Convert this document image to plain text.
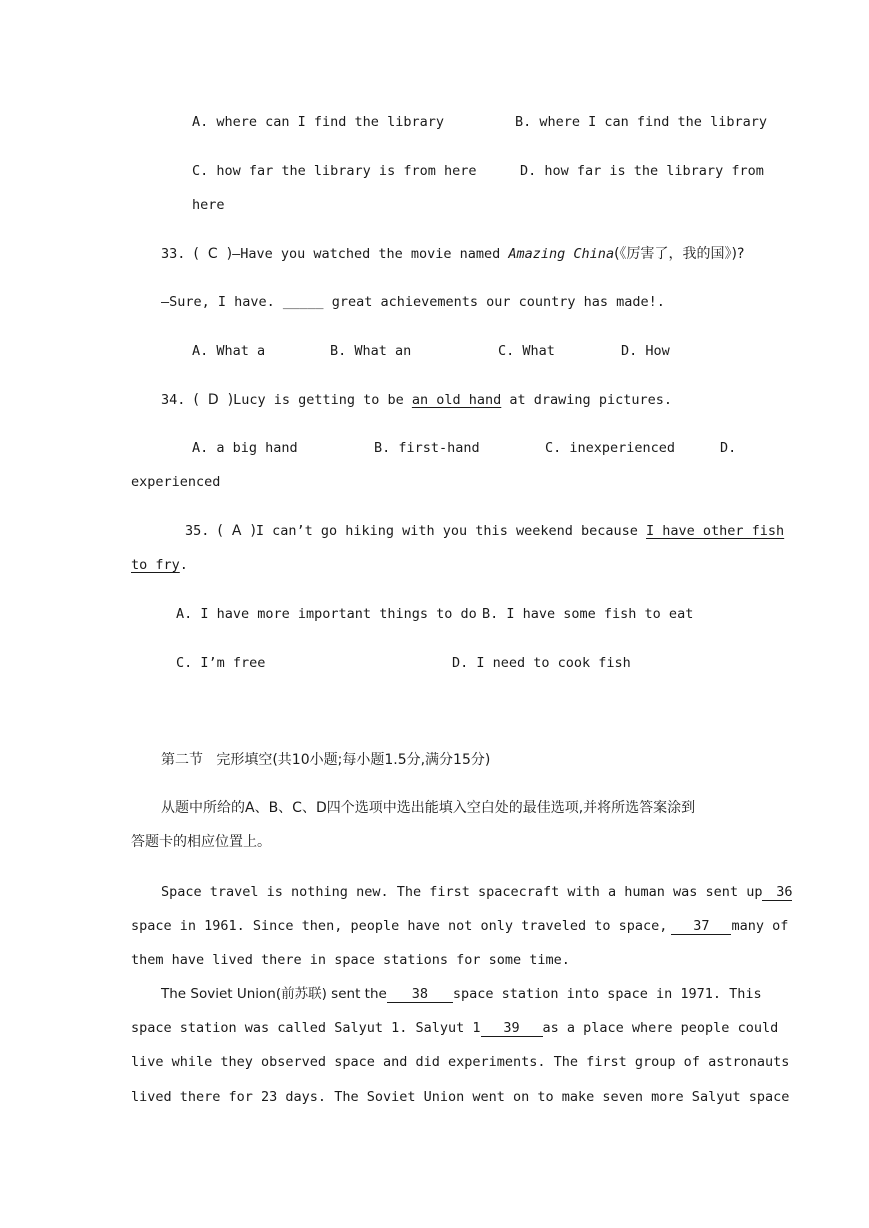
A. where can I find the library	B. where I can find the library
C. how far the library is from here	D. how far is the library from
here
33. (  C  )—Have you watched the movie named Amazing China(《厉害了，我的国》)?
—Sure, I have. _____ great achievements our country has made!.
A. What a	B. What an	C. What	D. How
34. (  D  )Lucy is getting to be an old hand at drawing pictures.
A. a big hand	B. first-hand	C. inexperienced	D.
experienced
35. (  A  )I can’t go hiking with you this weekend because I have other fish
to fry.
A. I have more important things to do B. I have some fish to eat
C. I’m free	D. I need to cook fish
第二节   完形填空(共10小题;每小题1.5分,满分15分)
从题中所给的A、B、C、D四个选项中选出能填入空白处的最佳选项,并将所选答案涂到
答题卡的相应位置上。
Space travel is nothing new. The first spacecraft with a human was sent up 36
space in 1961. Since then, people have not only traveled to space, 37 many of
them have lived there in space stations for some time.
The Soviet Union(前苏联) sent the 38 space station into space in 1971. This
space station was called Salyut 1. Salyut 1 39 as a place where people could
live while they observed space and did experiments. The first group of astronauts
lived there for 23 days. The Soviet Union went on to make seven more Salyut space
